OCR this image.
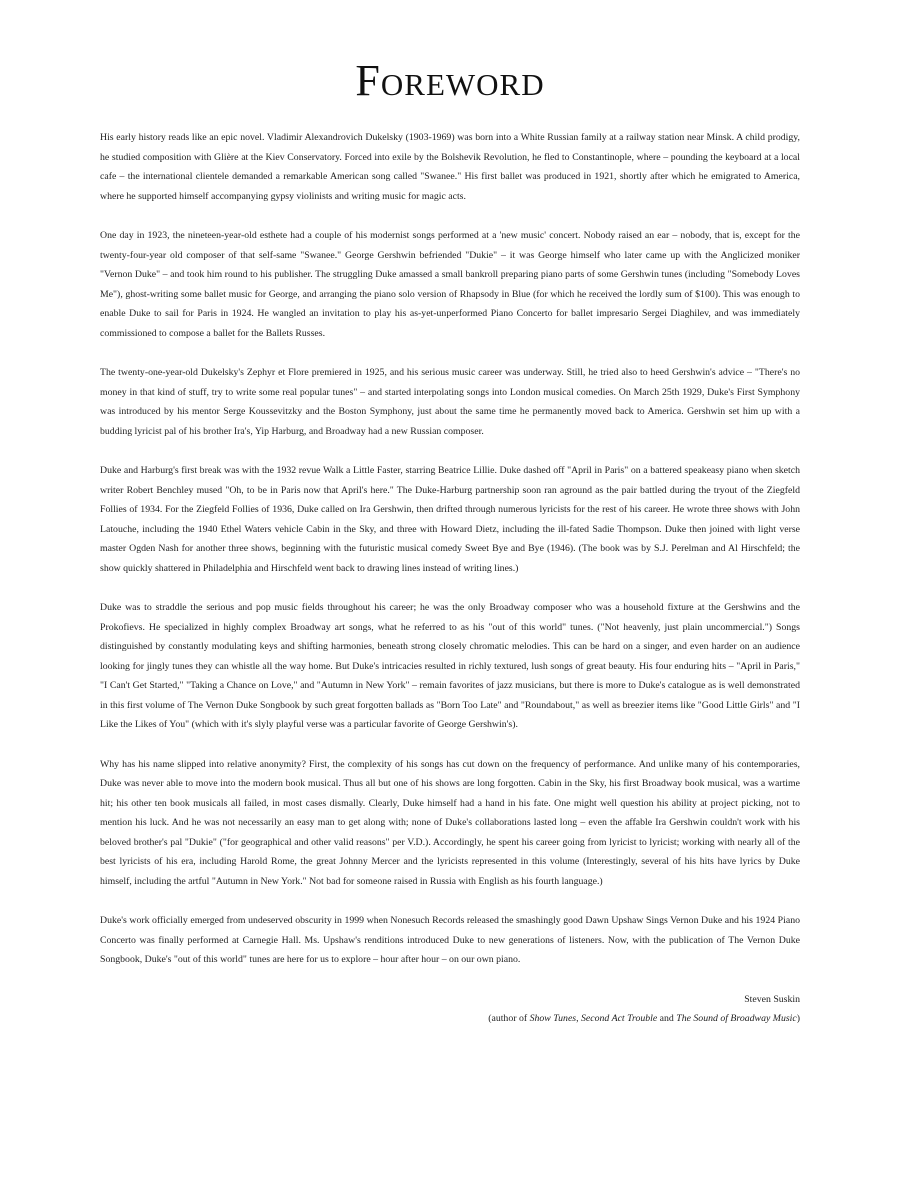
Foreword

His early history reads like an epic novel. Vladimir Alexandrovich Dukelsky (1903-1969) was born into a White Russian family at a railway station near Minsk. A child prodigy, he studied composition with Glière at the Kiev Conservatory. Forced into exile by the Bolshevik Revolution, he fled to Constantinople, where – pounding the keyboard at a local cafe – the international clientele demanded a remarkable American song called "Swanee." His first ballet was produced in 1921, shortly after which he emigrated to America, where he supported himself accompanying gypsy violinists and writing music for magic acts.

One day in 1923, the nineteen-year-old esthete had a couple of his modernist songs performed at a 'new music' concert. Nobody raised an ear – nobody, that is, except for the twenty-four-year old composer of that self-same "Swanee." George Gershwin befriended "Dukie" – it was George himself who later came up with the Anglicized moniker "Vernon Duke" – and took him round to his publisher. The struggling Duke amassed a small bankroll preparing piano parts of some Gershwin tunes (including "Somebody Loves Me"), ghost-writing some ballet music for George, and arranging the piano solo version of Rhapsody in Blue (for which he received the lordly sum of $100). This was enough to enable Duke to sail for Paris in 1924. He wangled an invitation to play his as-yet-unperformed Piano Concerto for ballet impresario Sergei Diaghilev, and was immediately commissioned to compose a ballet for the Ballets Russes.

The twenty-one-year-old Dukelsky's Zephyr et Flore premiered in 1925, and his serious music career was underway. Still, he tried also to heed Gershwin's advice – "There's no money in that kind of stuff, try to write some real popular tunes" – and started interpolating songs into London musical comedies. On March 25th 1929, Duke's First Symphony was introduced by his mentor Serge Koussevitzky and the Boston Symphony, just about the same time he permanently moved back to America. Gershwin set him up with a budding lyricist pal of his brother Ira's, Yip Harburg, and Broadway had a new Russian composer.

Duke and Harburg's first break was with the 1932 revue Walk a Little Faster, starring Beatrice Lillie. Duke dashed off "April in Paris" on a battered speakeasy piano when sketch writer Robert Benchley mused "Oh, to be in Paris now that April's here." The Duke-Harburg partnership soon ran aground as the pair battled during the tryout of the Ziegfeld Follies of 1934. For the Ziegfeld Follies of 1936, Duke called on Ira Gershwin, then drifted through numerous lyricists for the rest of his career. He wrote three shows with John Latouche, including the 1940 Ethel Waters vehicle Cabin in the Sky, and three with Howard Dietz, including the ill-fated Sadie Thompson. Duke then joined with light verse master Ogden Nash for another three shows, beginning with the futuristic musical comedy Sweet Bye and Bye (1946). (The book was by S.J. Perelman and Al Hirschfeld; the show quickly shattered in Philadelphia and Hirschfeld went back to drawing lines instead of writing lines.)

Duke was to straddle the serious and pop music fields throughout his career; he was the only Broadway composer who was a household fixture at the Gershwins and the Prokofievs. He specialized in highly complex Broadway art songs, what he referred to as his "out of this world" tunes. ("Not heavenly, just plain uncommercial.") Songs distinguished by constantly modulating keys and shifting harmonies, beneath strong closely chromatic melodies. This can be hard on a singer, and even harder on an audience looking for jingly tunes they can whistle all the way home. But Duke's intricacies resulted in richly textured, lush songs of great beauty. His four enduring hits – "April in Paris," "I Can't Get Started," "Taking a Chance on Love," and "Autumn in New York" – remain favorites of jazz musicians, but there is more to Duke's catalogue as is well demonstrated in this first volume of The Vernon Duke Songbook by such great forgotten ballads as "Born Too Late" and "Roundabout," as well as breezier items like "Good Little Girls" and "I Like the Likes of You" (which with it's slyly playful verse was a particular favorite of George Gershwin's).

Why has his name slipped into relative anonymity? First, the complexity of his songs has cut down on the frequency of performance. And unlike many of his contemporaries, Duke was never able to move into the modern book musical. Thus all but one of his shows are long forgotten. Cabin in the Sky, his first Broadway book musical, was a wartime hit; his other ten book musicals all failed, in most cases dismally. Clearly, Duke himself had a hand in his fate. One might well question his ability at project picking, not to mention his luck. And he was not necessarily an easy man to get along with; none of Duke's collaborations lasted long – even the affable Ira Gershwin couldn't work with his beloved brother's pal "Dukie" ("for geographical and other valid reasons" per V.D.). Accordingly, he spent his career going from lyricist to lyricist; working with nearly all of the best lyricists of his era, including Harold Rome, the great Johnny Mercer and the lyricists represented in this volume (Interestingly, several of his hits have lyrics by Duke himself, including the artful "Autumn in New York." Not bad for someone raised in Russia with English as his fourth language.)

Duke's work officially emerged from undeserved obscurity in 1999 when Nonesuch Records released the smashingly good Dawn Upshaw Sings Vernon Duke and his 1924 Piano Concerto was finally performed at Carnegie Hall. Ms. Upshaw's renditions introduced Duke to new generations of listeners. Now, with the publication of The Vernon Duke Songbook, Duke's "out of this world" tunes are here for us to explore – hour after hour – on our own piano.

Steven Suskin
(author of Show Tunes, Second Act Trouble and The Sound of Broadway Music)
